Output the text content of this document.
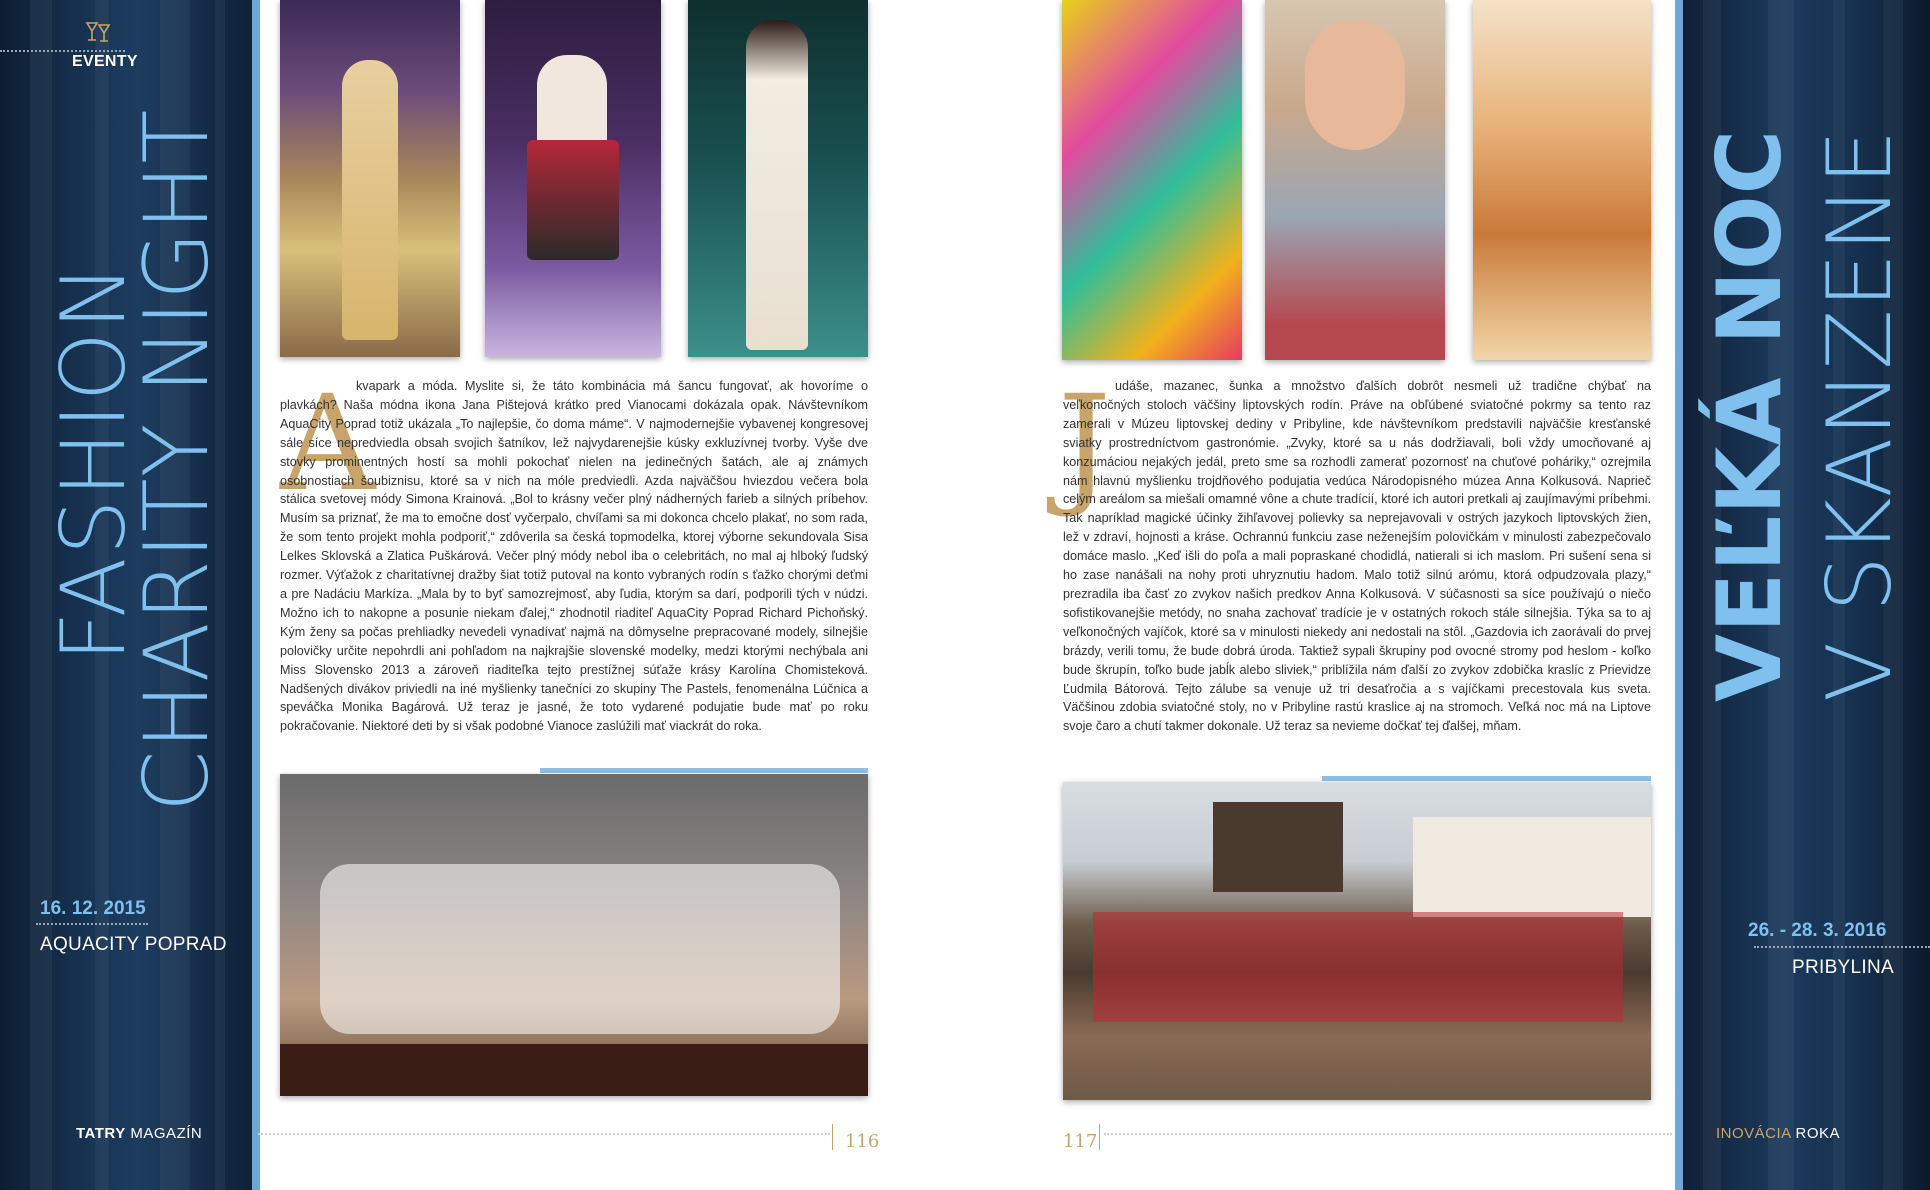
EVENTY
FASHION
CHARITY NIGHT
16. 12. 2015
AQUACITY POPRAD
TATRY MAGAZÍN
A
kvapark a móda. Myslite si, že táto kombinácia má šancu fungovať, ak hovoríme o plavkách? Naša módna ikona Jana Pištejová krátko pred Vianocami dokázala opak. Návštevníkom AquaCity Poprad totiž ukázala „To najlepšie, čo doma máme“. V najmodernejšie vybavenej kongresovej sále síce nepredviedla obsah svojich šatníkov, lež najvydarenejšie kúsky exkluzívnej tvorby. Vyše dve stovky prominentných hostí sa mohli pokochať nielen na jedinečných šatách, ale aj známych osobnostiach šoubiznisu, ktoré sa v nich na móle predviedli. Azda najväčšou hviezdou večera bola stálica svetovej módy Simona Krainová. „Bol to krásny večer plný nádherných farieb a silných príbehov. Musím sa priznať, že ma to emočne dosť vyčerpalo, chvíľami sa mi dokonca chcelo plakať, no som rada, že som tento projekt mohla podporiť,“ zdôverila sa česká topmodelka, ktorej výborne sekundovala Sisa Lelkes Sklovská a Zlatica Puškárová. Večer plný módy nebol iba o celebritách, no mal aj hlboký ľudský rozmer. Výťažok z charitatívnej dražby šiat totiž putoval na konto vybraných rodín s ťažko chorými deťmi a pre Nadáciu Markíza. „Mala by to byť samozrejmosť, aby ľudia, ktorým sa darí, podporili tých v núdzi. Možno ich to nakopne a posunie niekam ďalej,“ zhodnotil riaditeľ AquaCity Poprad Richard Pichoňský. Kým ženy sa počas prehliadky nevedeli vynadívať najmä na dômyselne prepracované modely, silnejšie polovičky určite nepohrdli ani pohľadom na najkrajšie slovenské modelky, medzi ktorými nechýbala ani Miss Slovensko 2013 a zároveň riaditeľka tejto prestížnej súťaže krásy Karolína Chomisteková. Nadšených divákov priviedli na iné myšlienky tanečníci zo skupiny The Pastels, fenomenálna Lúčnica a speváčka Monika Bagárová. Už teraz je jasné, že toto vydarené podujatie bude mať po roku pokračovanie. Niektoré deti by si však podobné Vianoce zaslúžili mať viackrát do roka.
116
J udáše, mazanec, šunka a množstvo ďalších dobrôt nesmeli už tradične chýbať na veľkonočných stoloch väčšiny liptovských rodín. Práve na obľúbené sviatočné pokrmy sa tento raz zamerali v Múzeu liptovskej dediny v Pribyline, kde návštevníkom predstavili najväčšie kresťanské sviatky prostredníctvom gastronómie. „Zvyky, ktoré sa u nás dodržiavali, boli vždy umocňované aj konzumáciou nejakých jedál, preto sme sa rozhodli zamerať pozornosť na chuťové poháriky,“ ozrejmila nám hlavnú myšlienku trojdňového podujatia vedúca Národopisného múzea Anna Kolkusová. Naprieč celým areálom sa miešali omamné vône a chute tradícií, ktoré ich autori pretkali aj zaujímavými príbehmi. Tak napríklad magické účinky žihľavovej polievky sa neprejavovali v ostrých jazykoch liptovských žien, lež v zdraví, hojnosti a kráse. Ochrannú funkciu zase neženejším polovičkám v minulosti zabezpečovalo domáce maslo. „Keď išli do poľa a mali popraskané chodidlá, natierali si ich maslom. Pri sušení sena si ho zase nanášali na nohy proti uhryznutiu hadom. Malo totiž silnú arómu, ktorá odpudzovala plazy,“ prezradila iba časť zo zvykov našich predkov Anna Kolkusová. V súčasnosti sa síce používajú o niečo sofistikovanejšie metódy, no snaha zachovať tradície je v ostatných rokoch stále silnejšia. Týka sa to aj veľkonočných vajíčok, ktoré sa v minulosti niekedy ani nedostali na stôl. „Gazdovia ich zaorávali do prvej brázdy, verili tomu, že bude dobrá úroda. Taktiež sypali škrupiny pod ovocné stromy pod heslom - koľko bude škrupín, toľko bude jabĺk alebo sliviek,“ priblížila nám ďalší zo zvykov zdobička kraslíc z Prievidze Ľudmila Bátorová. Tejto zálube sa venuje už tri desaťročia a s vajíčkami precestovala kus sveta. Väčšinou zdobia sviatočné stoly, no v Pribyline rastú kraslice aj na stromoch. Veľká noc má na Liptove svoje čaro a chutí takmer dokonale. Už teraz sa nevieme dočkať tej ďalšej, mňam.
117
VEĽKÁ NOC V SKANZENE
26. - 28. 3. 2016
PRIBYLINA
INOVÁCIA ROKA
